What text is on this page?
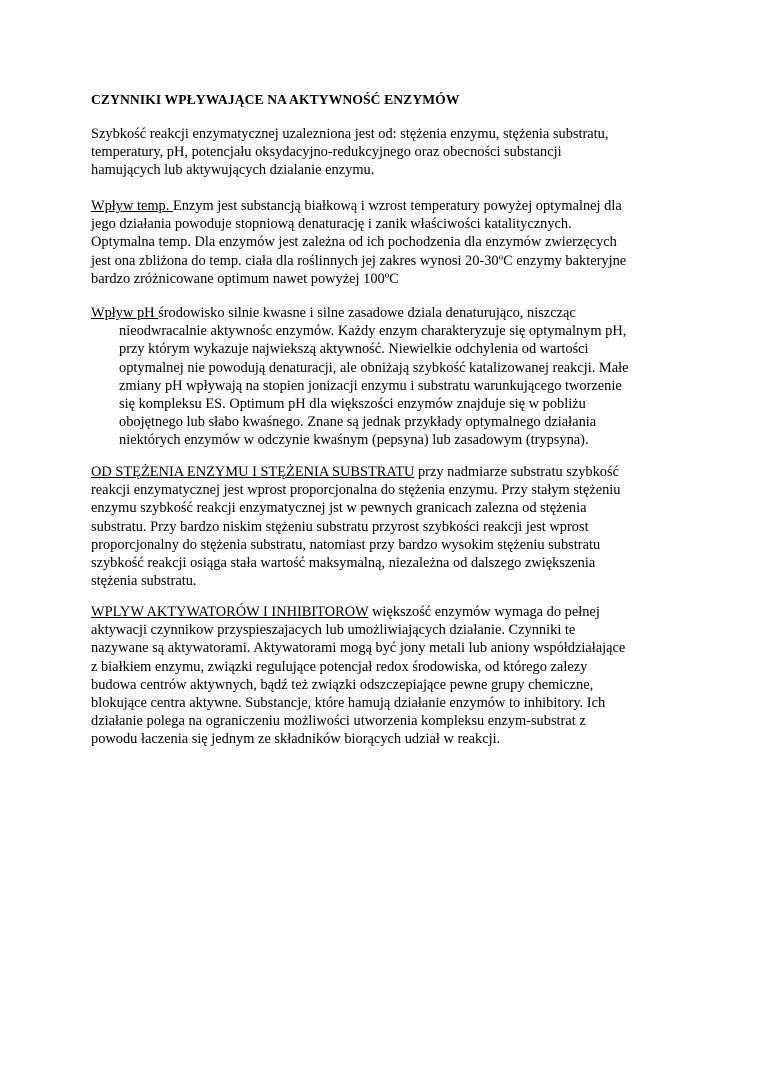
CZYNNIKI WPŁYWAJĄCE NA AKTYWNOŚĆ ENZYMÓW

Szybkość reakcji enzymatycznej uzalezniona jest od: stężenia enzymu, stężenia substratu,
temperatury, pH, potencjału oksydacyjno-redukcyjnego oraz obecności substancji
hamujących lub aktywujących dzialanie enzymu.

Wpływ temp. Enzym jest substancją białkową i wzrost temperatury powyżej optymalnej dla
jego działania powoduje stopniową denaturację i zanik właściwości katalitycznych.
Optymalna temp. Dla enzymów jest zależna od ich pochodzenia dla enzymów zwierzęcych
jest ona zbliżona do temp. ciała dla roślinnych jej zakres wynosi 20-30ºC enzymy bakteryjne
bardzo zróżnicowane optimum nawet powyżej 100ºC

Wpływ pH środowisko silnie kwasne i silne zasadowe dziala denaturująco, niszcząc
nieodwracalnie aktywnośc enzymów. Każdy enzym charakteryzuje się optymalnym pH,
przy którym wykazuje najwiekszą aktywność. Niewielkie odchylenia od wartości
optymalnej nie powodują denaturacji, ale obniżają szybkość katalizowanej reakcji. Małe
zmiany pH wpływają na stopien jonizacji enzymu i substratu warunkującego tworzenie
się kompleksu ES. Optimum pH dla większości enzymów znajduje się w pobliżu
obojętnego lub słabo kwaśnego. Znane są jednak przykłady optymalnego działania
niektórych enzymów w odczynie kwaśnym (pepsyna) lub zasadowym (trypsyna).

OD STĘŻENIA ENZYMU I STĘŻENIA SUBSTRATU przy nadmiarze substratu szybkość
reakcji enzymatycznej jest wprost proporcjonalna do stężenia enzymu. Przy stałym stężeniu
enzymu szybkość reakcji enzymatycznej jst w pewnych granicach zalezna od stężenia
substratu. Przy bardzo niskim stężeniu substratu przyrost szybkości reakcji jest wprost
proporcjonalny do stężenia substratu, natomiast przy bardzo wysokim stężeniu substratu
szybkość reakcji osiąga stała wartość maksymalną, niezależna od dalszego zwiększenia
stężenia substratu.

WPLYW AKTYWATORÓW I INHIBITOROW większość enzymów wymaga do pełnej
aktywacji czynnikow przyspieszajacych lub umożliwiających działanie. Czynniki te
nazywane są aktywatorami. Aktywatorami mogą być jony metali lub aniony współdziałające
z białkiem enzymu, związki regulujące potencjał redox środowiska, od którego zalezy
budowa centrów aktywnych, bądź też związki odszczepiające pewne grupy chemiczne,
blokujące centra aktywne. Substancje, które hamują działanie enzymów to inhibitory. Ich
działanie polega na ograniczeniu możliwości utworzenia kompleksu enzym-substrat z
powodu łaczenia się jednym ze składników biorących udział w reakcji.
